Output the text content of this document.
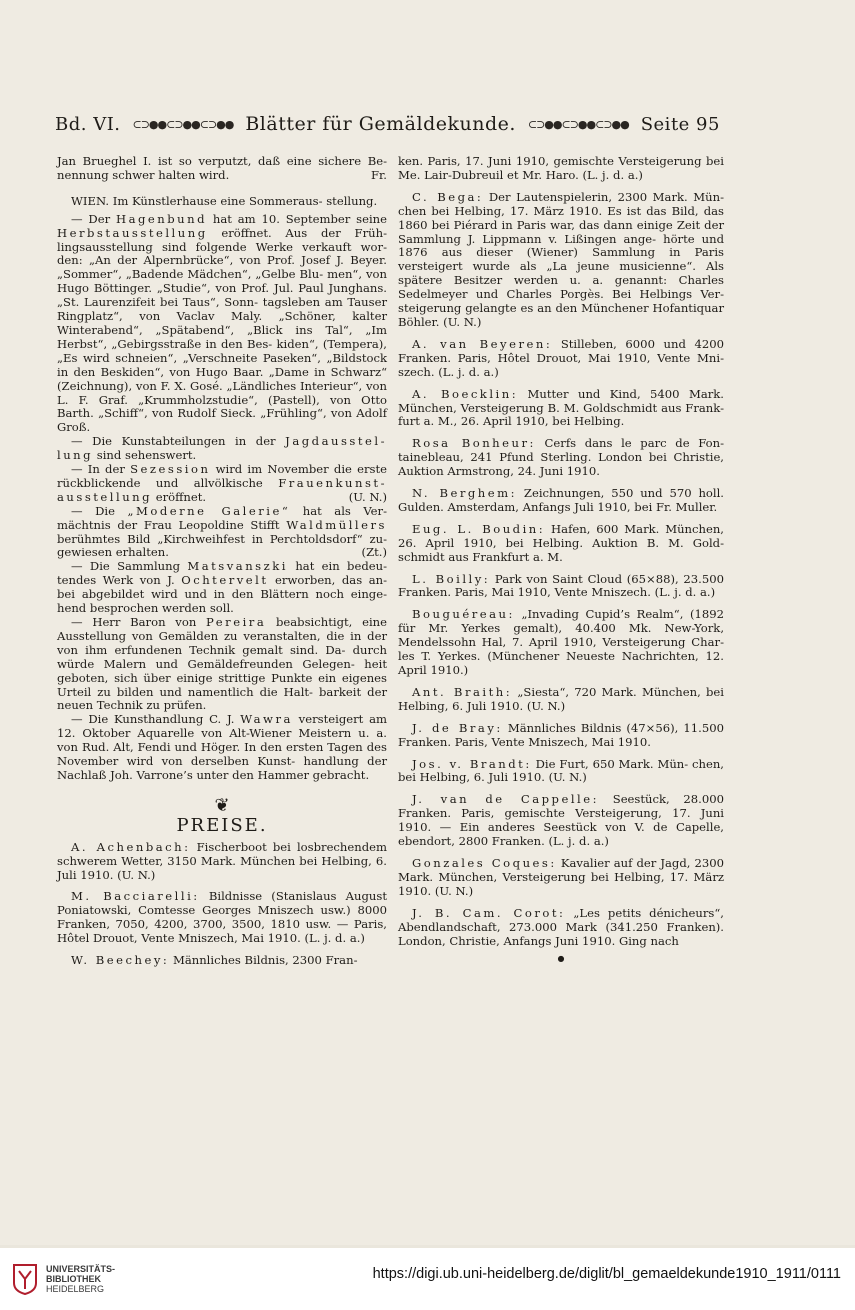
Bd. VI. ⊂⊃●●⊂⊃●●⊂⊃●● Blätter für Gemäldekunde. ⊂⊃●●⊂⊃●●⊂⊃●● Seite 95

Jan Brueghel I. ist so verputzt, daß eine sichere Be- nennung schwer halten wird.	Fr.

WIEN. Im Künstlerhause eine Sommeraus- stellung.

— Der Hagenbund hat am 10. September seine Herbstausstellung eröffnet. Aus der Früh- lingsausstellung sind folgende Werke verkauft wor- den: „An der Alpernbrücke“, von Prof. Josef J. Beyer. „Sommer“, „Badende Mädchen“, „Gelbe Blu- men“, von Hugo Böttinger. „Studie“, von Prof. Jul. Paul Junghans. „St. Laurenzifeit bei Taus“, Sonn- tagsleben am Tauser Ringplatz“, von Vaclav Maly. „Schöner, kalter Winterabend“, „Spätabend“, „Blick ins Tal“, „Im Herbst“, „Gebirgsstraße in den Bes- kiden“, (Tempera), „Es wird schneien“, „Verschneite Paseken“, „Bildstock in den Beskiden“, von Hugo Baar. „Dame in Schwarz“ (Zeichnung), von F. X. Gosé. „Ländliches Interieur“, von L. F. Graf. „Krummholzstudie“, (Pastell), von Otto Barth. „Schiff“, von Rudolf Sieck. „Frühling“, von Adolf Groß.

— Die Kunstabteilungen in der Jagdausstel- lung sind sehenswert.

— In der Sezession wird im November die erste rückblickende und allvölkische Frauenkunst- ausstellung eröffnet.	(U. N.)

— Die „Moderne Galerie“ hat als Ver- mächtnis der Frau Leopoldine Stifft Waldmüllers berühmtes Bild „Kirchweihfest in Perchtoldsdorf“ zu- gewiesen erhalten.	(Zt.)

— Die Sammlung Matsvanszki hat ein bedeu- tendes Werk von J. Ochtervelt erworben, das an- bei abgebildet wird und in den Blättern noch einge- hend besprochen werden soll.

— Herr Baron von Pereira beabsichtigt, eine Ausstellung von Gemälden zu veranstalten, die in der von ihm erfundenen Technik gemalt sind. Da- durch würde Malern und Gemäldefreunden Gelegen- heit geboten, sich über einige strittige Punkte ein eigenes Urteil zu bilden und namentlich die Halt- barkeit der neuen Technik zu prüfen.

— Die Kunsthandlung C. J. Wawra versteigert am 12. Oktober Aquarelle von Alt-Wiener Meistern u. a. von Rud. Alt, Fendi und Höger. In den ersten Tagen des November wird von derselben Kunst- handlung der Nachlaß Joh. Varrone’s unter den Hammer gebracht.

❦
PREISE.

A. Achenbach: Fischerboot bei losbrechendem schwerem Wetter, 3150 Mark. München bei Helbing, 6. Juli 1910. (U. N.)

M. Bacciarelli: Bildnisse (Stanislaus August Poniatowski, Comtesse Georges Mniszech usw.) 8000 Franken, 7050, 4200, 3700, 3500, 1810 usw. — Paris, Hôtel Drouot, Vente Mniszech, Mai 1910. (L. j. d. a.)

W. Beechey: Männliches Bildnis, 2300 Fran-

ken. Paris, 17. Juni 1910, gemischte Versteigerung bei Me. Lair-Dubreuil et Mr. Haro. (L. j. d. a.)

C. Bega: Der Lautenspielerin, 2300 Mark. Mün- chen bei Helbing, 17. März 1910. Es ist das Bild, das 1860 bei Piérard in Paris war, das dann einige Zeit der Sammlung J. Lippmann v. Lißingen ange- hörte und 1876 aus dieser (Wiener) Sammlung in Paris versteigert wurde als „La jeune musicienne“. Als spätere Besitzer werden u. a. genannt: Charles Sedelmeyer und Charles Porgès. Bei Helbings Ver- steigerung gelangte es an den Münchener Hofantiquar Böhler. (U. N.)

A. van Beyeren: Stilleben, 6000 und 4200 Franken. Paris, Hôtel Drouot, Mai 1910, Vente Mni- szech. (L. j. d. a.)

A. Boecklin: Mutter und Kind, 5400 Mark. München, Versteigerung B. M. Goldschmidt aus Frank- furt a. M., 26. April 1910, bei Helbing.

Rosa Bonheur: Cerfs dans le parc de Fon- tainebleau, 241 Pfund Sterling. London bei Christie, Auktion Armstrong, 24. Juni 1910.

N. Berghem: Zeichnungen, 550 und 570 holl. Gulden. Amsterdam, Anfangs Juli 1910, bei Fr. Muller.

Eug. L. Boudin: Hafen, 600 Mark. München, 26. April 1910, bei Helbing. Auktion B. M. Gold- schmidt aus Frankfurt a. M.

L. Boilly: Park von Saint Cloud (65×88), 23.500 Franken. Paris, Mai 1910, Vente Mniszech. (L. j. d. a.)

Bouguéreau: „Invading Cupid’s Realm“, (1892 für Mr. Yerkes gemalt), 40.400 Mk. New-York, Mendelssohn Hal, 7. April 1910, Versteigerung Char- les T. Yerkes. (Münchener Neueste Nachrichten, 12. April 1910.)

Ant. Braith: „Siesta“, 720 Mark. München, bei Helbing, 6. Juli 1910. (U. N.)

J. de Bray: Männliches Bildnis (47×56), 11.500 Franken. Paris, Vente Mniszech, Mai 1910.

Jos. v. Brandt: Die Furt, 650 Mark. Mün- chen, bei Helbing, 6. Juli 1910. (U. N.)

J. van de Cappelle: Seestück, 28.000 Franken. Paris, gemischte Versteigerung, 17. Juni 1910. — Ein anderes Seestück von V. de Capelle, ebendort, 2800 Franken. (L. j. d. a.)

Gonzales Coques: Kavalier auf der Jagd, 2300 Mark. München, Versteigerung bei Helbing, 17. März 1910. (U. N.)

J. B. Cam. Corot: „Les petits dénicheurs“, Abendlandschaft, 273.000 Mark (341.250 Franken). London, Christie, Anfangs Juni 1910. Ging nach

●
UNIVERSITÄTS-
BIBLIOTHEK
HEIDELBERG
https://digi.ub.uni-heidelberg.de/diglit/bl_gemaeldekunde1910_1911/0111
